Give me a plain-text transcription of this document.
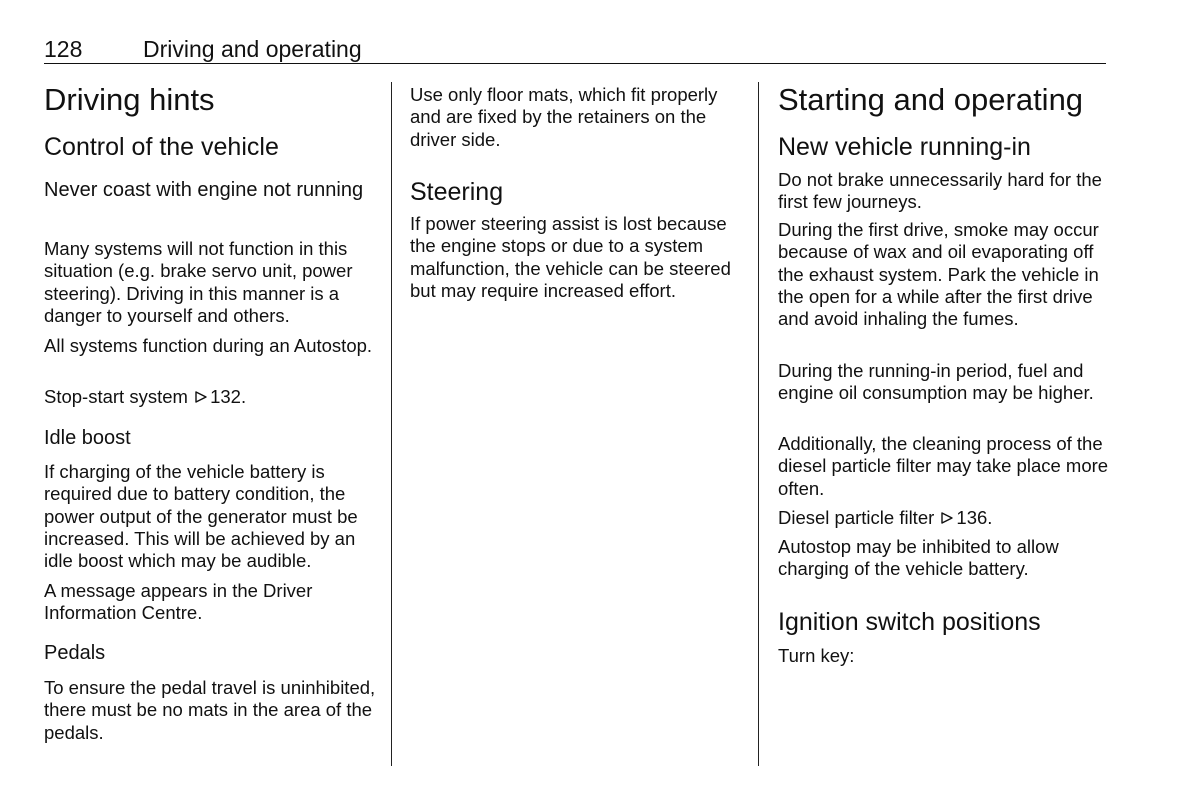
128	Driving and operating
Driving hints
Control of the vehicle
Never coast with engine not running

Many systems will not function in this situation (e.g. brake servo unit, power steering). Driving in this manner is a danger to yourself and others.

All systems function during an Autostop.

Stop-start system 132.

Idle boost

If charging of the vehicle battery is required due to battery condition, the power output of the generator must be increased. This will be achieved by an idle boost which may be audible.

A message appears in the Driver Information Centre.

Pedals

To ensure the pedal travel is uninhibited, there must be no mats in the area of the pedals.

Use only floor mats, which fit properly and are fixed by the retainers on the driver side.

Steering

If power steering assist is lost because the engine stops or due to a system malfunction, the vehicle can be steered but may require increased effort.

Starting and operating
New vehicle running-in

Do not brake unnecessarily hard for the first few journeys.

During the first drive, smoke may occur because of wax and oil evaporating off the exhaust system. Park the vehicle in the open for a while after the first drive and avoid inhaling the fumes.

During the running-in period, fuel and engine oil consumption may be higher.

Additionally, the cleaning process of the diesel particle filter may take place more often.

Diesel particle filter 136.

Autostop may be inhibited to allow charging of the vehicle battery.

Ignition switch positions

Turn key:
